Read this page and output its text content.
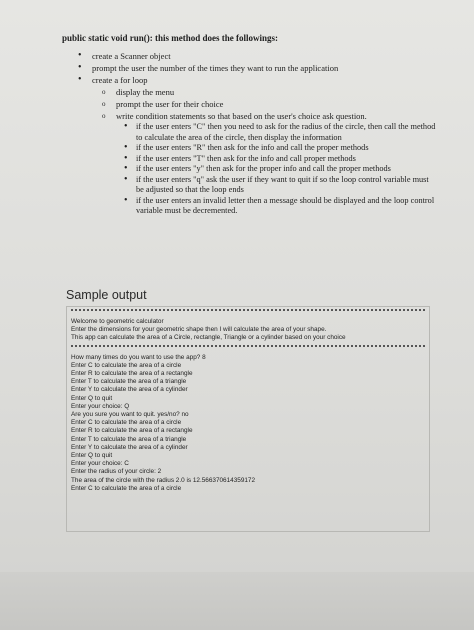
public static void run(): this method does the followings:
• create a Scanner object
• prompt the user the number of the times they want to run the application
• create a for loop
o display the menu
o prompt the user for their choice
o write condition statements so that based on the user's choice ask question.
• if the user enters "C" then you need to ask for the radius of the circle, then call the method to calculate the area of the circle, then display the information
• if the user enters "R" then ask for the info and call the proper methods
• if the user enters "T" then ask for the info and call proper methods
• if the user enters "y" then ask for the proper info and call the proper methods
• if the user enters "q" ask the user if they want to quit if so the loop control variable must be adjusted so that the loop ends
• if the user enters an invalid letter then a message should be displayed and the loop control variable must be decremented.
Sample output
Welcome to geometric calculator
Enter the dimensions for your geometric shape then I will calculate the area of your shape.
This app can calculate the area of a Circle, rectangle, Triangle or a cylinder based on your choice
How many times do you want to use the app? 8
Enter C to calculate the area of a circle
Enter R to calculate the area of a rectangle
Enter T to calculate the area of a triangle
Enter Y to calculate the area of a cylinder
Enter Q to quit
Enter your choice: Q
Are you sure you want to quit. yes/no? no
Enter C to calculate the area of a circle
Enter R to calculate the area of a rectangle
Enter T to calculate the area of a triangle
Enter Y to calculate the area of a cylinder
Enter Q to quit
Enter your choice: C
Enter the radius of your circle: 2
The area of the circle with the radius 2.0 is 12.566370614359172
Enter C to calculate the area of a circle
